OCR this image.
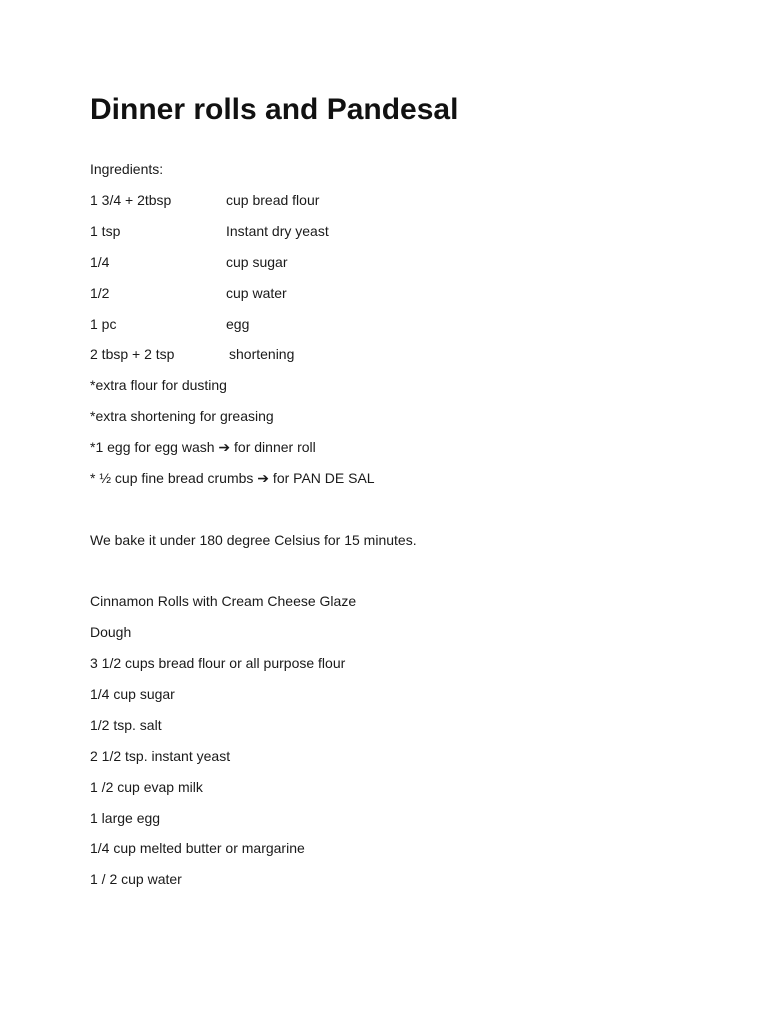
Dinner rolls and Pandesal
Ingredients:
1 3/4 + 2tbsp	cup bread flour
1 tsp	Instant dry yeast
1/4	cup sugar
1/2	cup water
1 pc	egg
2 tbsp + 2 tsp	shortening
*extra flour for dusting
*extra shortening for greasing
*1 egg for egg wash ➔ for dinner roll
* ½ cup fine bread crumbs ➔ for PAN DE SAL
We bake it under 180 degree Celsius for 15 minutes.
Cinnamon Rolls with Cream Cheese Glaze
Dough
3 1/2 cups bread flour or all purpose flour
1/4 cup sugar
1/2 tsp. salt
2 1/2 tsp. instant yeast
1 /2 cup evap milk
1 large egg
1/4 cup melted butter or margarine
1 / 2 cup water
